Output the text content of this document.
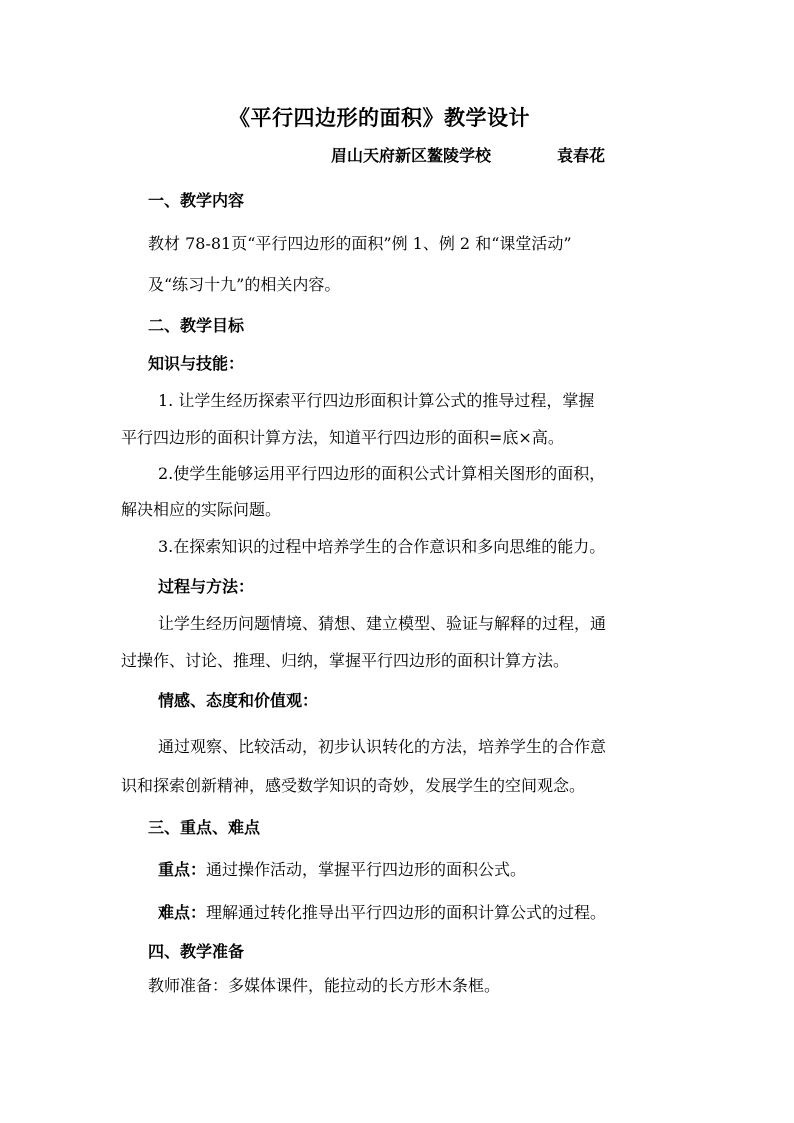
《平行四边形的面积》教学设计
眉山天府新区鳌陵学校	袁春花
一、教学内容
教材 78-81页“平行四边形的面积”例 1、例 2 和“课堂活动”
及“练习十九”的相关内容。
二、教学目标
知识与技能：
1. 让学生经历探索平行四边形面积计算公式的推导过程，掌握
平行四边形的面积计算方法，知道平行四边形的面积=底×高。
2.使学生能够运用平行四边形的面积公式计算相关图形的面积，
解决相应的实际问题。
3.在探索知识的过程中培养学生的合作意识和多向思维的能力。
过程与方法：
让学生经历问题情境、猜想、建立模型、验证与解释的过程，通
过操作、讨论、推理、归纳，掌握平行四边形的面积计算方法。
情感、态度和价值观：
通过观察、比较活动，初步认识转化的方法，培养学生的合作意
识和探索创新精神，感受数学知识的奇妙，发展学生的空间观念。
三、重点、难点
重点：通过操作活动，掌握平行四边形的面积公式。
难点：理解通过转化推导出平行四边形的面积计算公式的过程。
四、教学准备
教师准备：多媒体课件，能拉动的长方形木条框。
